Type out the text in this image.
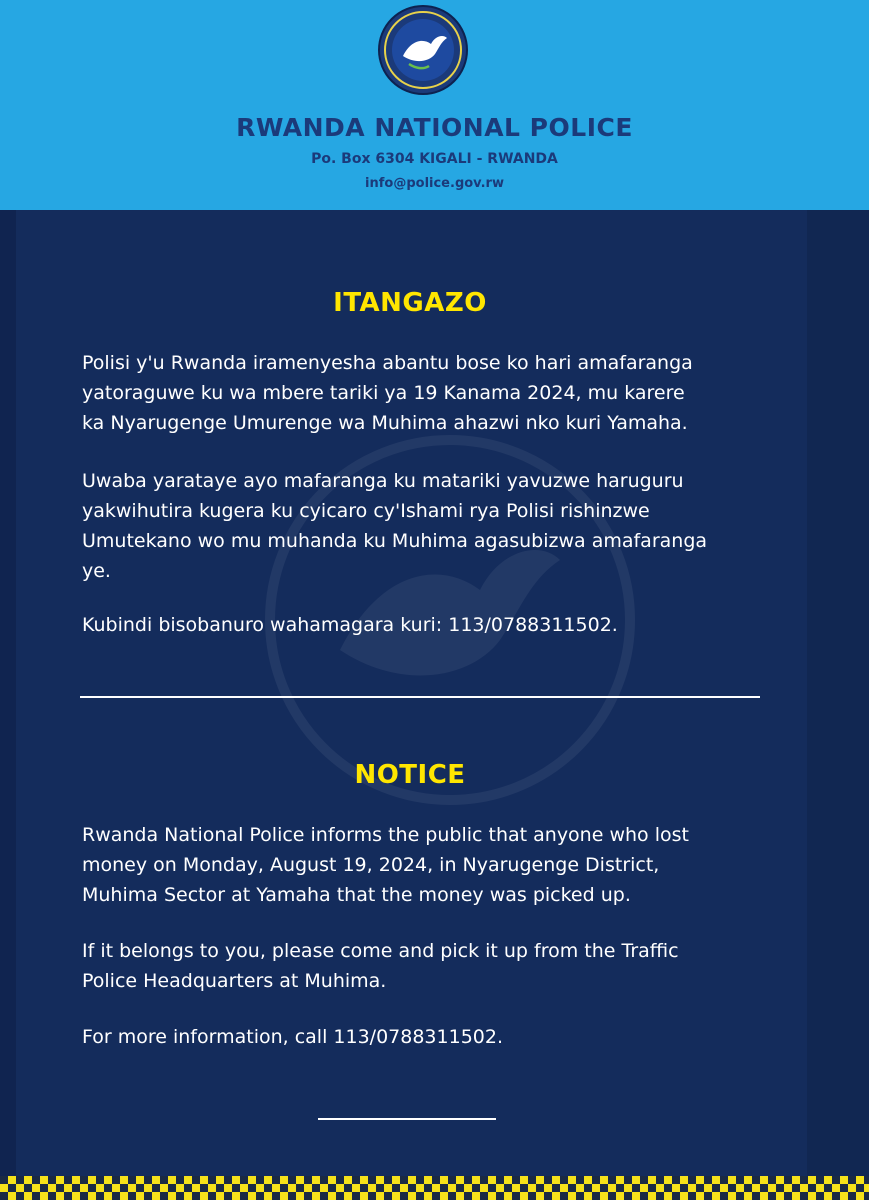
RWANDA NATIONAL POLICE
Po. Box 6304 KIGALI - RWANDA
info@police.gov.rw
ITANGAZO
Polisi y'u Rwanda iramenyesha abantu bose ko hari amafaranga
yatoraguwe ku wa mbere tariki ya 19 Kanama 2024, mu karere
ka Nyarugenge Umurenge wa Muhima ahazwi nko kuri Yamaha.
Uwaba yarataye ayo mafaranga ku matariki yavuzwe haruguru
yakwihutira kugera ku cyicaro cy'Ishami rya Polisi rishinzwe
Umutekano wo mu muhanda ku Muhima agasubizwa amafaranga
ye.
Kubindi bisobanuro wahamagara kuri: 113/0788311502.
NOTICE
Rwanda National Police informs the public that anyone who lost
money on Monday, August 19, 2024, in Nyarugenge District,
Muhima Sector at Yamaha that the money was picked up.
If it belongs to you, please come and pick it up from the Traffic
Police Headquarters at Muhima.
For more information, call 113/0788311502.
